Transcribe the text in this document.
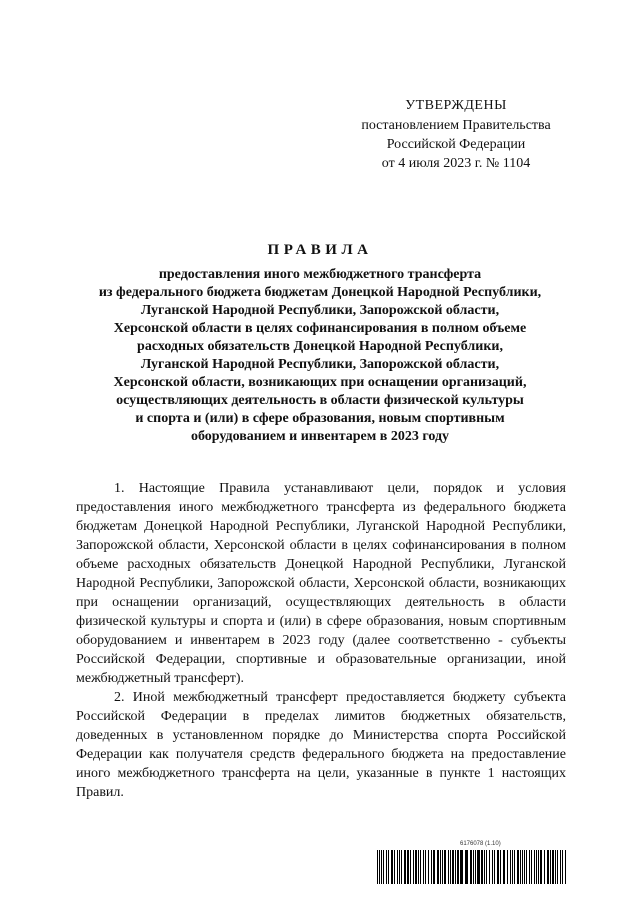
УТВЕРЖДЕНЫ
постановлением Правительства
Российской Федерации
от 4 июля 2023 г. № 1104
ПРАВИЛА
предоставления иного межбюджетного трансферта
из федерального бюджета бюджетам Донецкой Народной Республики,
Луганской Народной Республики, Запорожской области,
Херсонской области в целях софинансирования в полном объеме
расходных обязательств Донецкой Народной Республики,
Луганской Народной Республики, Запорожской области,
Херсонской области, возникающих при оснащении организаций,
осуществляющих деятельность в области физической культуры
и спорта и (или) в сфере образования, новым спортивным
оборудованием и инвентарем в 2023 году

1. Настоящие Правила устанавливают цели, порядок и условия предоставления иного межбюджетного трансферта из федерального бюджета бюджетам Донецкой Народной Республики, Луганской Народной Республики, Запорожской области, Херсонской области в целях софинансирования в полном объеме расходных обязательств Донецкой Народной Республики, Луганской Народной Республики, Запорожской области, Херсонской области, возникающих при оснащении организаций, осуществляющих деятельность в области физической культуры и спорта и (или) в сфере образования, новым спортивным оборудованием и инвентарем в 2023 году (далее соответственно - субъекты Российской Федерации, спортивные и образовательные организации, иной межбюджетный трансферт).

2. Иной межбюджетный трансферт предоставляется бюджету субъекта Российской Федерации в пределах лимитов бюджетных обязательств, доведенных в установленном порядке до Министерства спорта Российской Федерации как получателя средств федерального бюджета на предоставление иного межбюджетного трансферта на цели, указанные в пункте 1 настоящих Правил.

6176078 (1.10)
